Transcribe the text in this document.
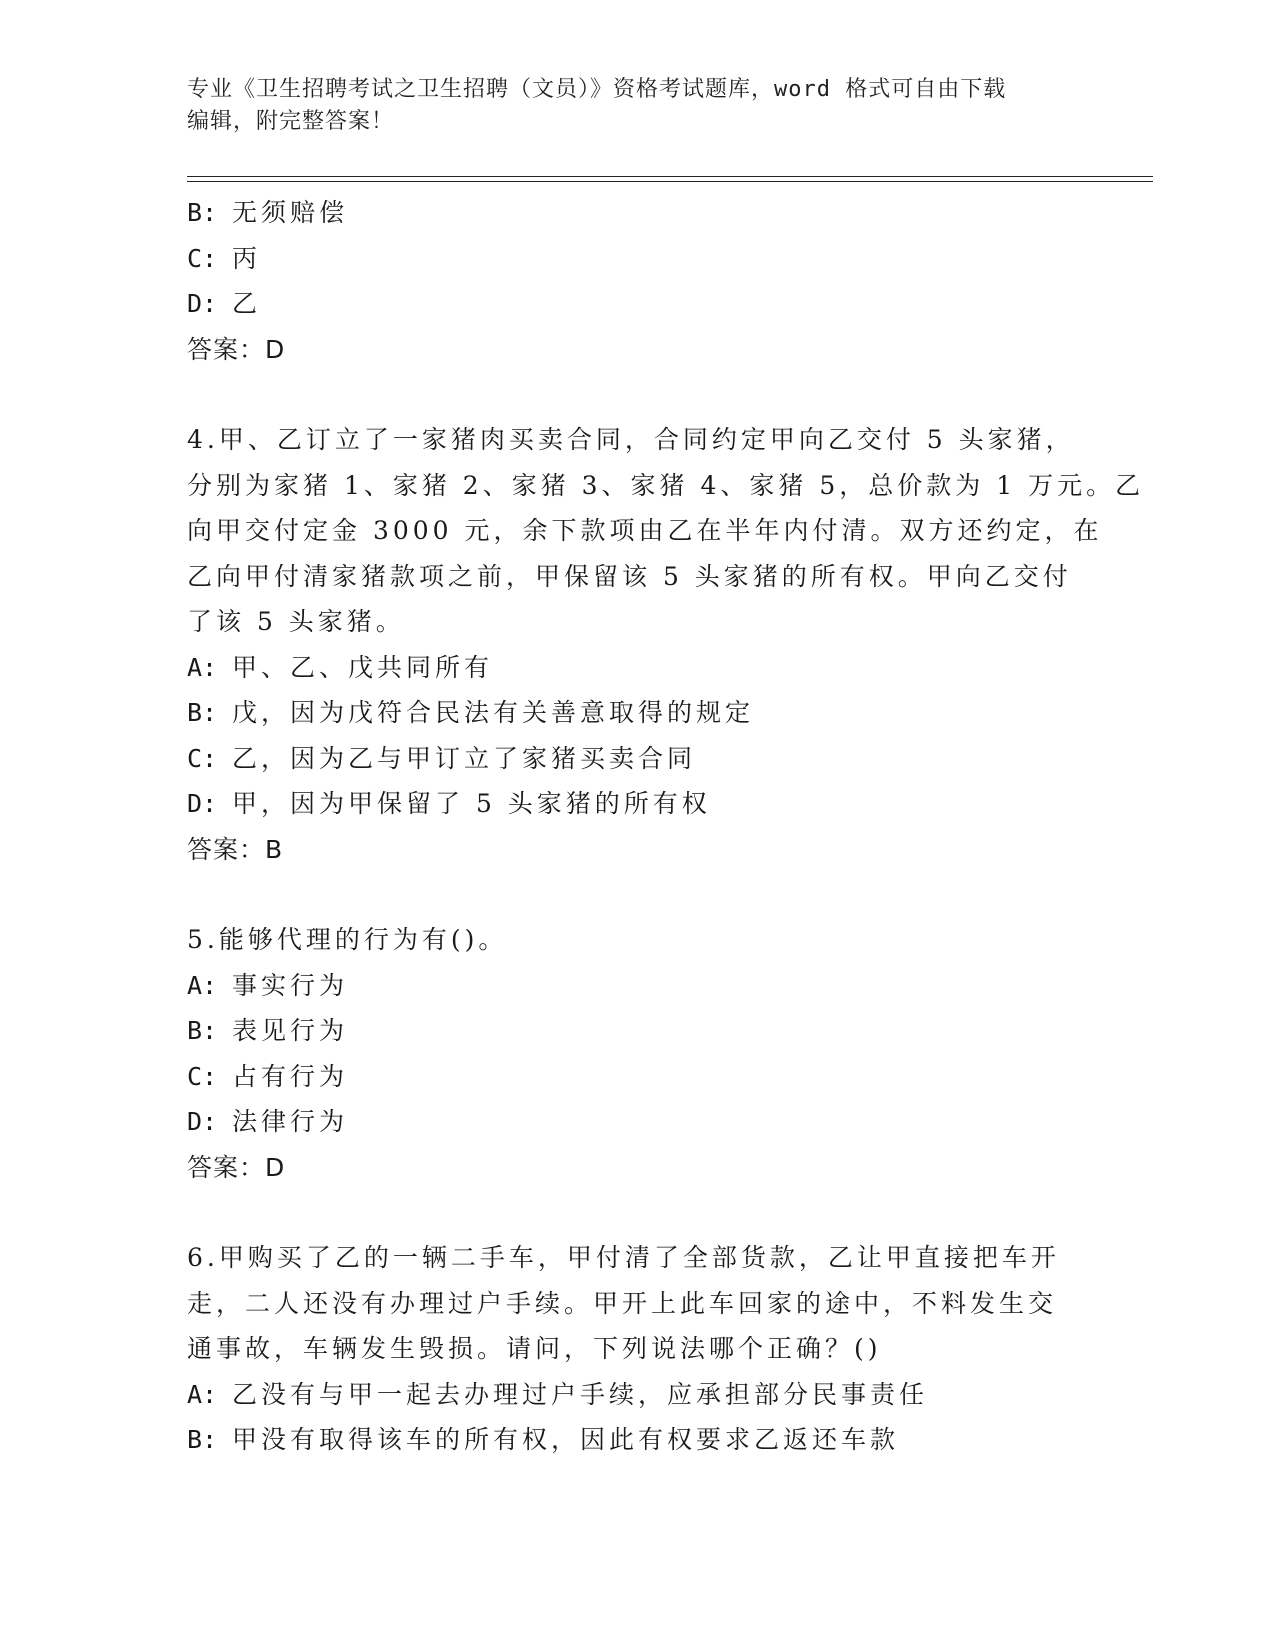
专业《卫生招聘考试之卫生招聘（文员）》资格考试题库，word 格式可自由下载
编辑，附完整答案！
B: 无须赔偿
C: 丙
D: 乙
答案：D
4.甲、乙订立了一家猪肉买卖合同，合同约定甲向乙交付 5 头家猪，
分别为家猪 1、家猪 2、家猪 3、家猪 4、家猪 5，总价款为 1 万元。乙
向甲交付定金 3000 元，余下款项由乙在半年内付清。双方还约定，在
乙向甲付清家猪款项之前，甲保留该 5 头家猪的所有权。甲向乙交付
了该 5 头家猪。
A: 甲、乙、戊共同所有
B: 戊，因为戊符合民法有关善意取得的规定
C: 乙，因为乙与甲订立了家猪买卖合同
D: 甲，因为甲保留了 5 头家猪的所有权
答案：B
5.能够代理的行为有()。
A: 事实行为
B: 表见行为
C: 占有行为
D: 法律行为
答案：D
6.甲购买了乙的一辆二手车，甲付清了全部货款，乙让甲直接把车开
走，二人还没有办理过户手续。甲开上此车回家的途中，不料发生交
通事故，车辆发生毁损。请问，下列说法哪个正确？()
A: 乙没有与甲一起去办理过户手续，应承担部分民事责任
B: 甲没有取得该车的所有权，因此有权要求乙返还车款
